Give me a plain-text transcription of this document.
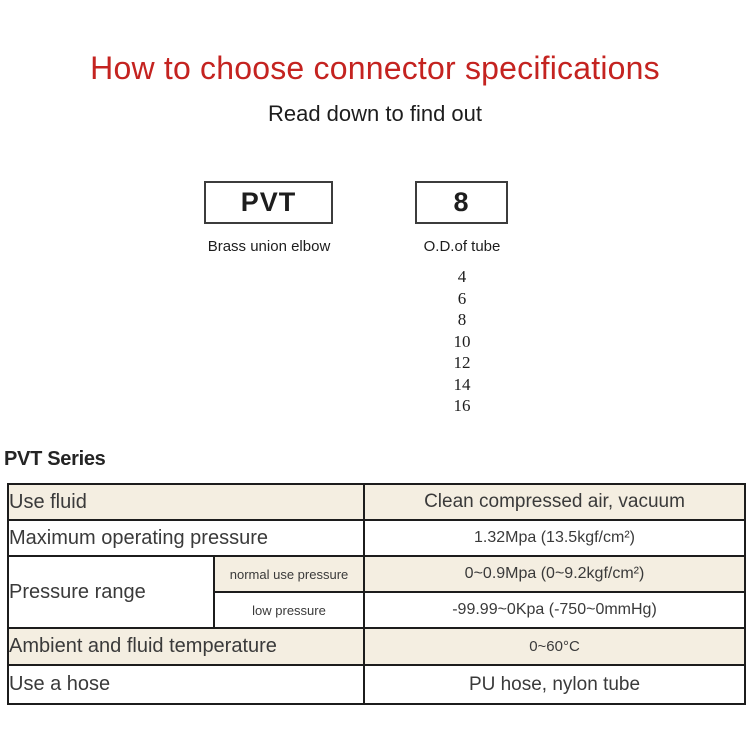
How to choose connector specifications
Read down to find out
PVT	8
Brass union elbow	O.D.of tube
4
6
8
10
12
14
16
PVT Series
Use fluid		Clean compressed air, vacuum
Maximum operating pressure		1.32Mpa (13.5kgf/cm²)
Pressure range	normal use pressure	0~0.9Mpa (0~9.2kgf/cm²)
	low pressure	-99.99~0Kpa (-750~0mmHg)
Ambient and fluid temperature		0~60°C
Use a hose		PU hose, nylon tube
